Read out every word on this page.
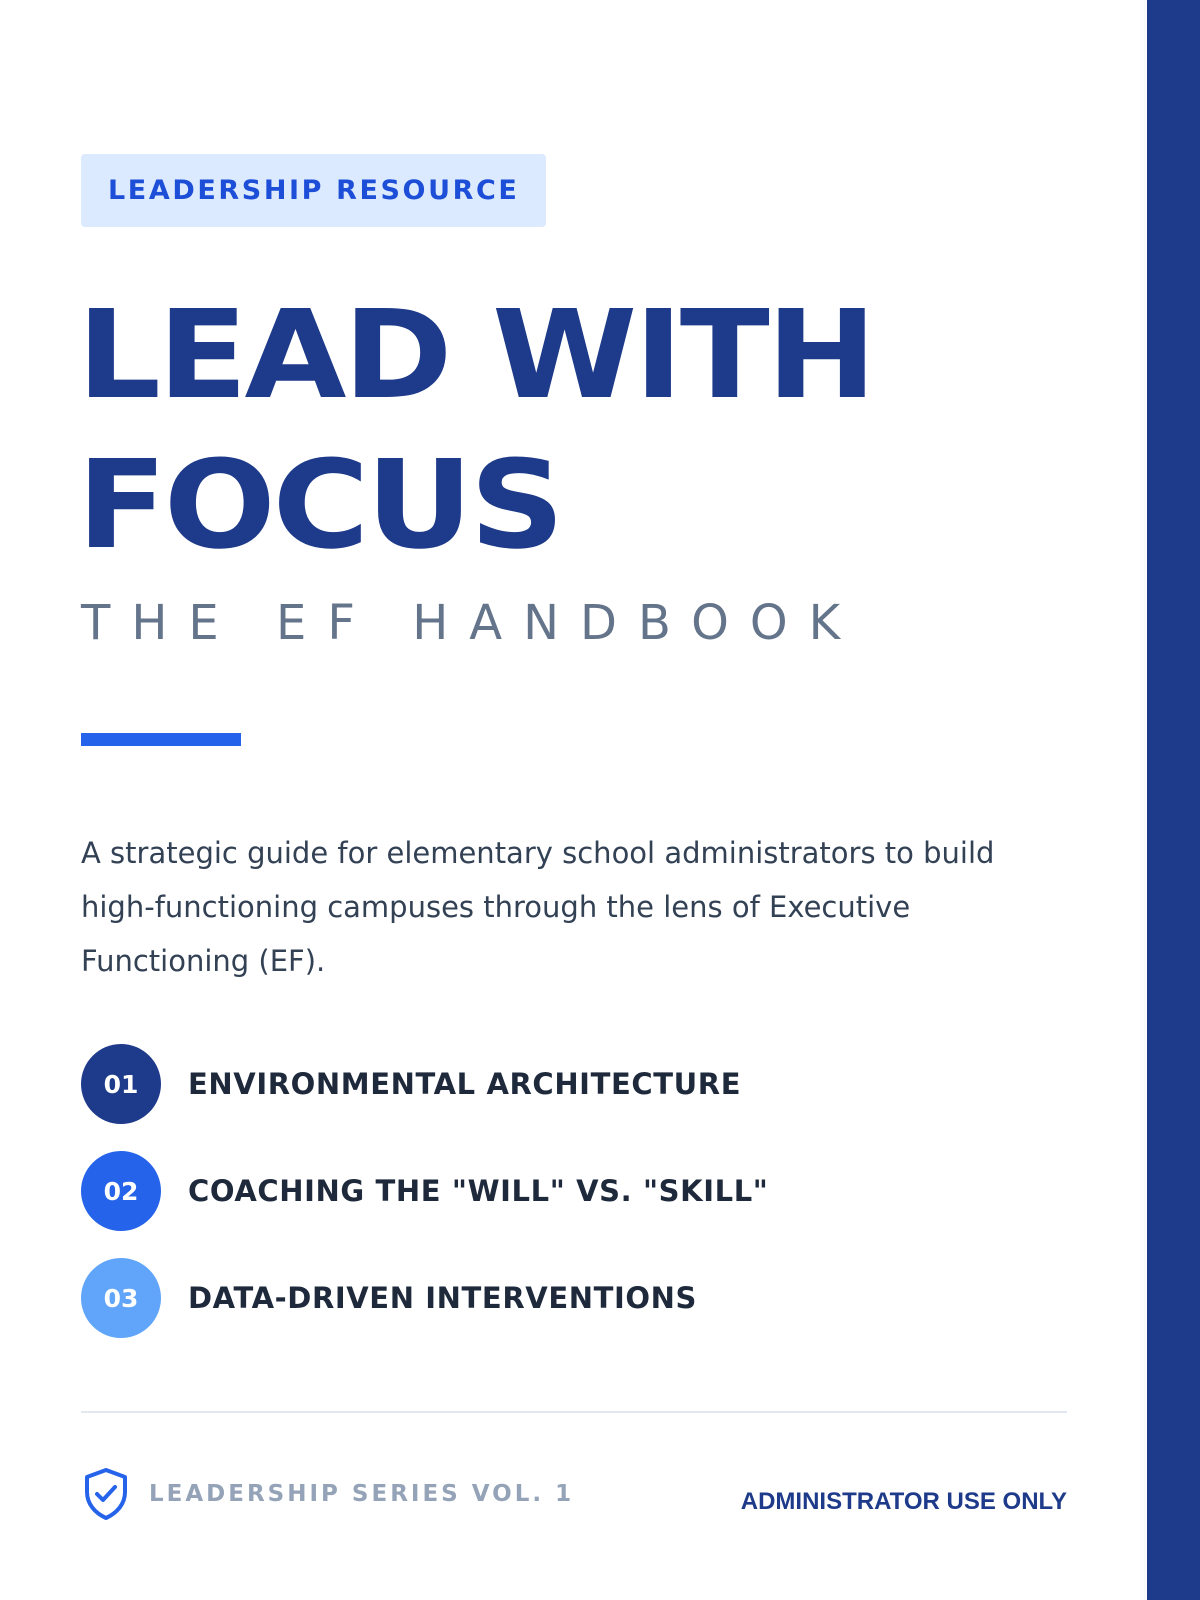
LEADERSHIP RESOURCE
LEAD WITH
FOCUS
THE EF HANDBOOK

A strategic guide for elementary school administrators to build high-functioning campuses through the lens of Executive Functioning (EF).

01	ENVIRONMENTAL ARCHITECTURE
02	COACHING THE "WILL" VS. "SKILL"
03	DATA-DRIVEN INTERVENTIONS
LEADERSHIP SERIES VOL. 1	ADMINISTRATOR USE ONLY
